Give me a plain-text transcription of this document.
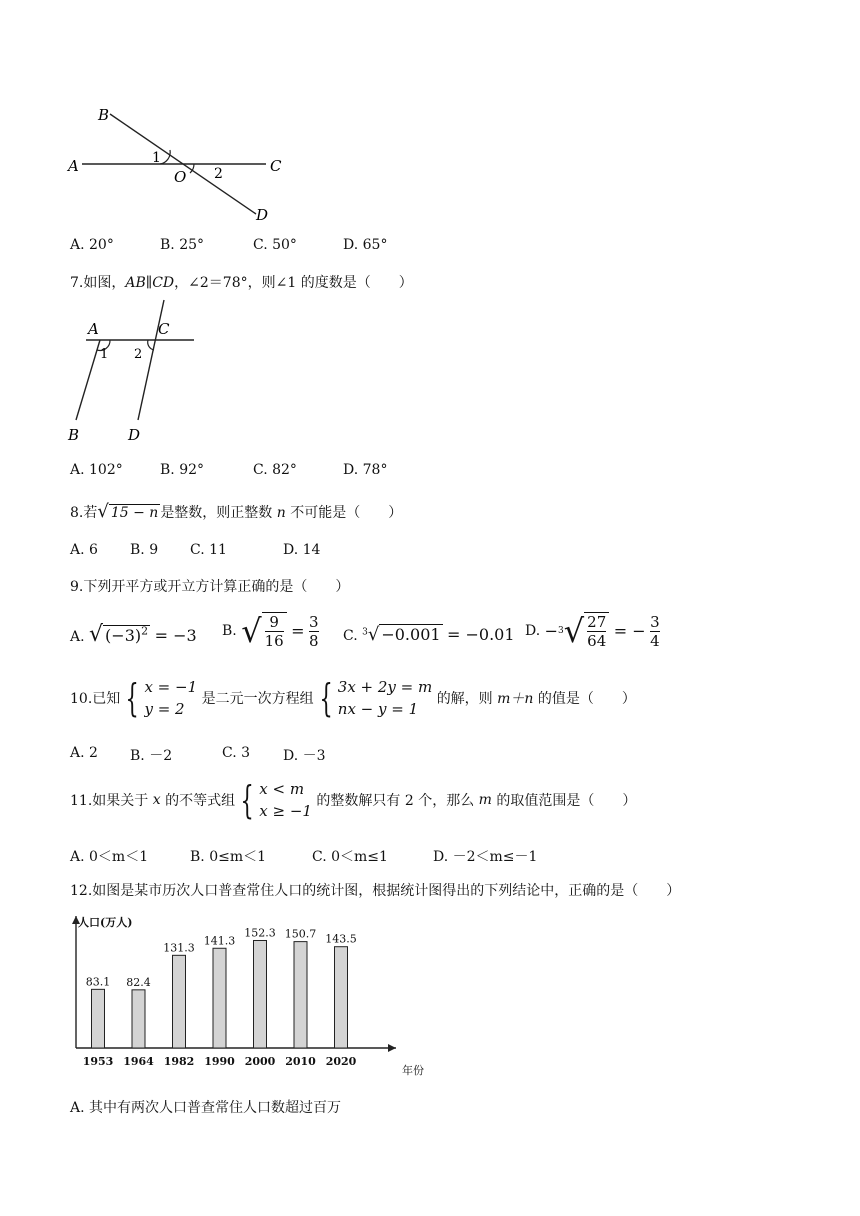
B
A	1
O 2	C
D
A. 20°	B. 25°	C. 50°	D. 65°
7.如图，AB∥CD，∠2＝78°，则∠1 的度数是（　　）
A	C
1 2
B	D
A. 102°	B. 92°	C. 82°	D. 78°
8.若√ 15 − n 是整数，则正整数 n 不可能是（　　）
A. 6 B. 9 C. 11	D. 14
9.下列开平方或开立方计算正确的是（　　）
A. √ $(-3)^2 = -3$ B. √ $\frac{9}{16} = \frac{3}{8} C$. $^3$√ −0.001 = −0.01 D. $-3√ \frac{27}{64}$ = − $\frac{3}{4}$
10.已知 { x = −1
y = 2
是二元一次方程组 { 3x + 2y = m
nx − y = 1
的解，则 m＋n 的值是（　　）
A. 2 B. －2	C. 3 D. －3
11.如果关于 x 的不等式组 { x < m
x ≥ −1
的整数解只有 2 个，那么 m 的取值范围是（　　）
A. 0＜m＜1	B. 0≤m＜1	C. 0＜m≤1	D. －2＜m≤－1
12.如图是某市历次人口普查常住人口的统计图，根据统计图得出的下列结论中，正确的是（　　）
人口(万人)
年份
83.1
1953
82.4
1964
131.3
1982
141.3
1990
152.3
2000
150.7
2010
143.5
2020
A. 其中有两次人口普查常住人口数超过百万
